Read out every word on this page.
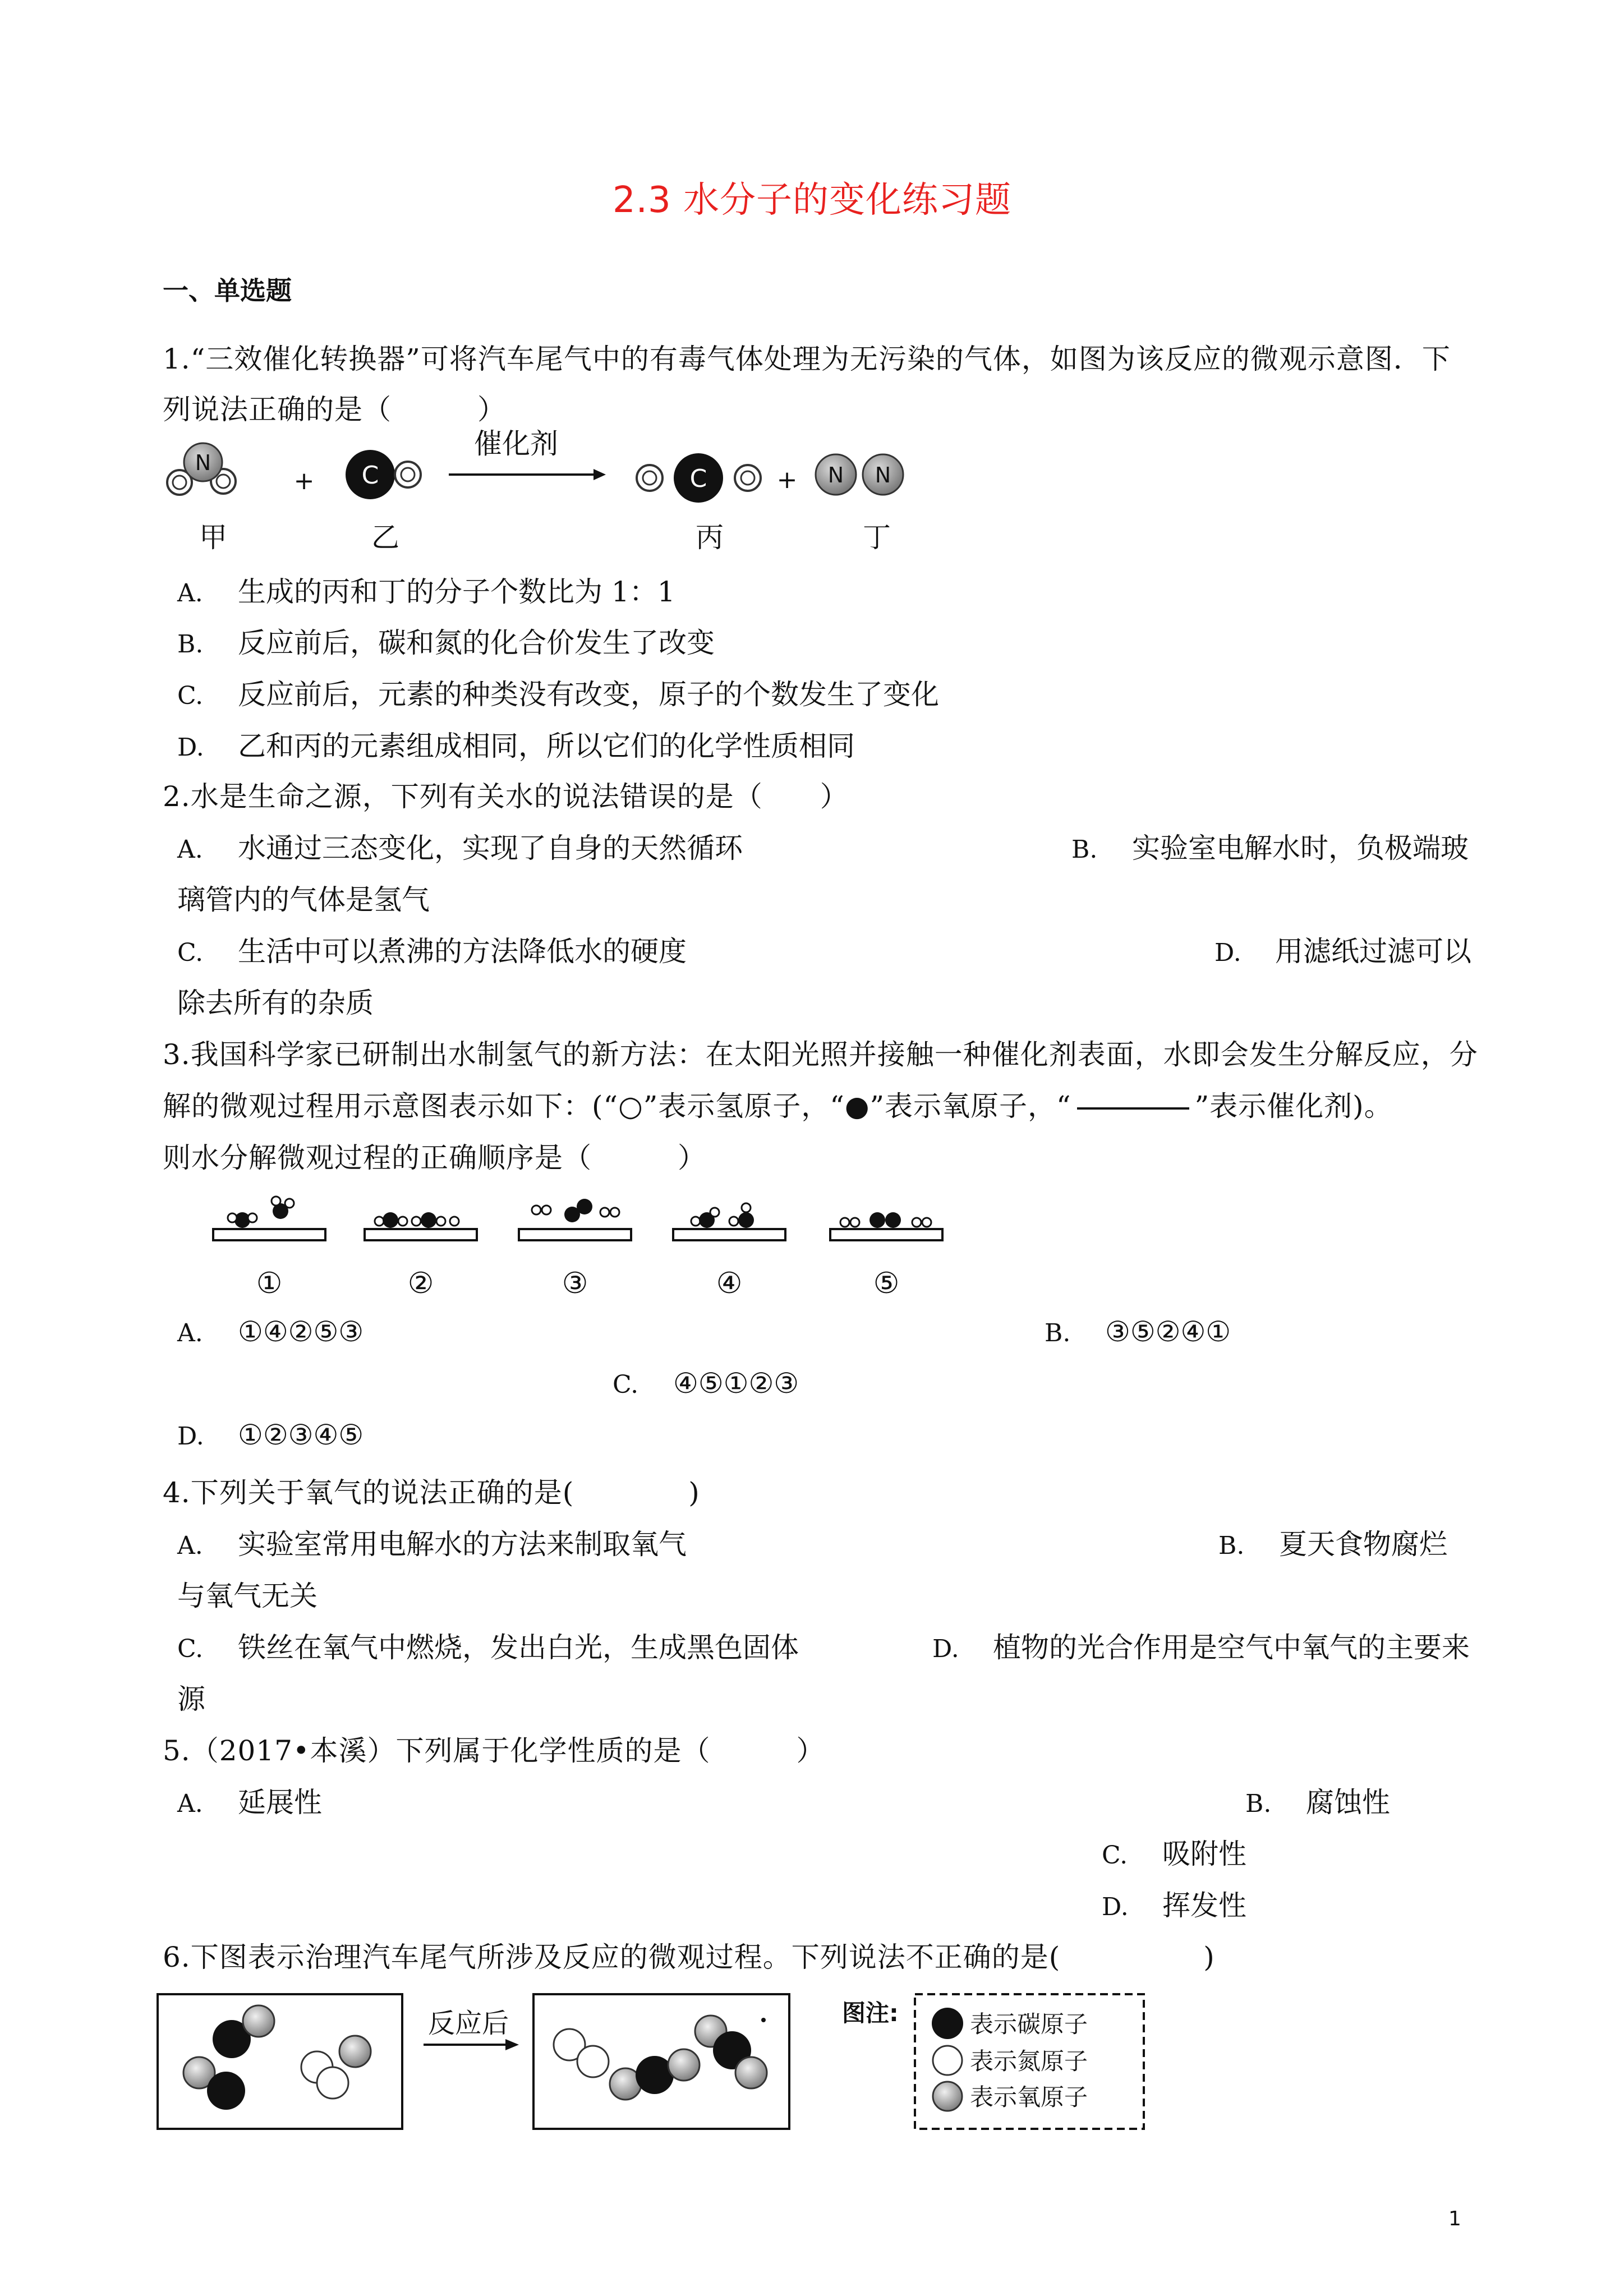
2.3 水分子的变化练习题
一、单选题
1.“三效催化转换器”可将汽车尾气中的有毒气体处理为无污染的气体，如图为该反应的微观示意图．下
列说法正确的是（　　　）
N
+ C
催化剂
C	+ N N
甲	乙	丙	丁
A. 生成的丙和丁的分子个数比为 1：1
B. 反应前后，碳和氮的化合价发生了改变
C. 反应前后，元素的种类没有改变，原子的个数发生了变化
D. 乙和丙的元素组成相同，所以它们的化学性质相同
2.水是生命之源，下列有关水的说法错误的是（　　）
A. 水通过三态变化，实现了自身的天然循环	B. 实验室电解水时，负极端玻
璃管内的气体是氢气
C. 生活中可以煮沸的方法降低水的硬度	D. 用滤纸过滤可以
除去所有的杂质
3.我国科学家已研制出水制氢气的新方法：在太阳光照并接触一种催化剂表面，水即会发生分解反应，分
解的微观过程用示意图表示如下：(“○”表示氢原子，“●”表示氧原子，“	”表示催化剂)。
则水分解微观过程的正确顺序是（　　　）
①	②	③	④	⑤
A. ①④②⑤③	B. ③⑤②④①
C. ④⑤①②③
D. ①②③④⑤
4.下列关于氧气的说法正确的是(　　　　)
A. 实验室常用电解水的方法来制取氧气	B. 夏天食物腐烂
与氧气无关
C. 铁丝在氧气中燃烧，发出白光，生成黑色固体	D. 植物的光合作用是空气中氧气的主要来
源
5.（2017•本溪）下列属于化学性质的是（　　　）
A. 延展性	B. 腐蚀性
C. 吸附性
D. 挥发性
6.下图表示治理汽车尾气所涉及反应的微观过程。下列说法不正确的是(　　　　　)
反应后	图注:	表示碳原子
表示氮原子
表示氧原子
1
